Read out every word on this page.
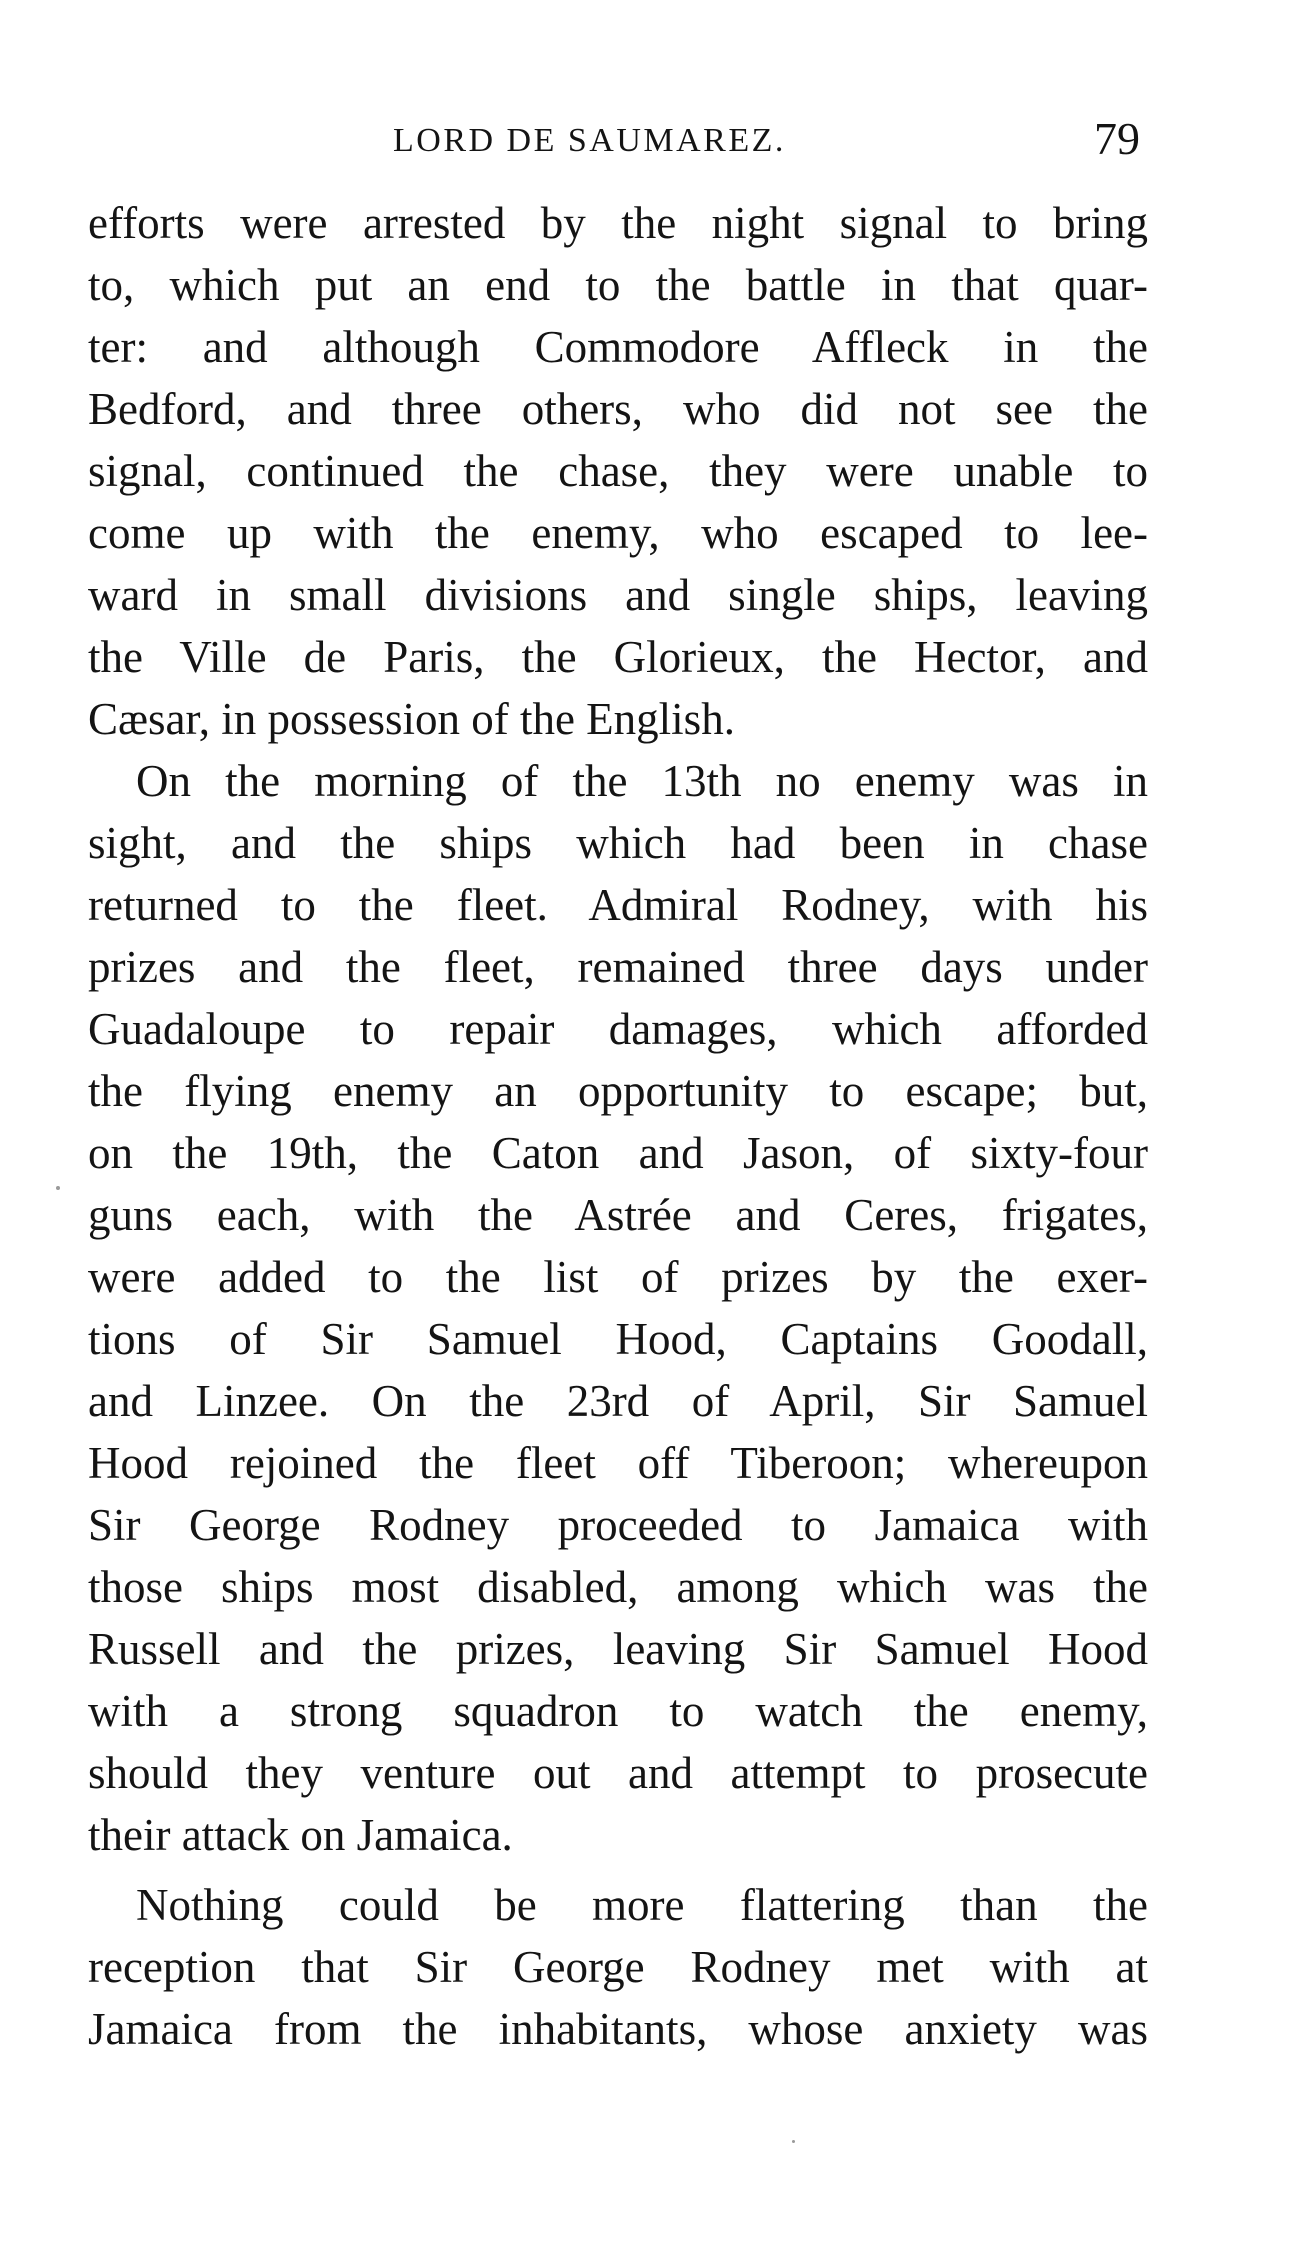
LORD DE SAUMAREZ.	79
efforts were arrested by the night signal to bring
to, which put an end to the battle in that quar-
ter: and although Commodore Affleck in the
Bedford, and three others, who did not see the
signal, continued the chase, they were unable to
come up with the enemy, who escaped to lee-
ward in small divisions and single ships, leaving
the Ville de Paris, the Glorieux, the Hector, and
Cæsar, in possession of the English.
On the morning of the 13th no enemy was in
sight, and the ships which had been in chase
returned to the fleet. Admiral Rodney, with his
prizes and the fleet, remained three days under
Guadaloupe to repair damages, which afforded
the flying enemy an opportunity to escape; but,
on the 19th, the Caton and Jason, of sixty-four
guns each, with the Astrée and Ceres, frigates,
were added to the list of prizes by the exer-
tions of Sir Samuel Hood, Captains Goodall,
and Linzee. On the 23rd of April, Sir Samuel
Hood rejoined the fleet off Tiberoon; whereupon
Sir George Rodney proceeded to Jamaica with
those ships most disabled, among which was the
Russell and the prizes, leaving Sir Samuel Hood
with a strong squadron to watch the enemy,
should they venture out and attempt to prosecute
their attack on Jamaica.
Nothing could be more flattering than the
reception that Sir George Rodney met with at
Jamaica from the inhabitants, whose anxiety was
